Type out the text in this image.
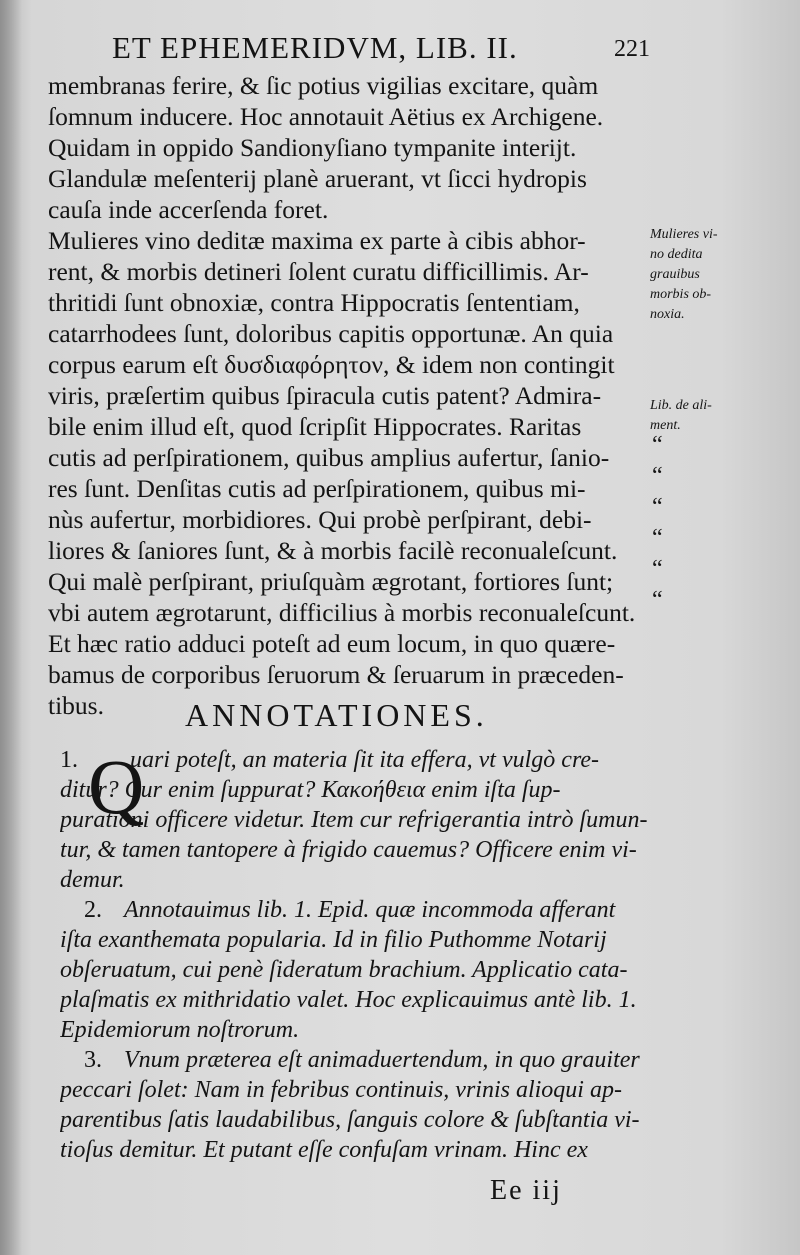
ET EPHEMERIDVM, LIB. II.	221
membranas ferire, & ſic potius vigilias excitare, quàm
ſomnum inducere. Hoc annotauit Aëtius ex Archigene.
Quidam in oppido Sandionyſiano tympanite interijt.
Glandulæ meſenterij planè aruerant, vt ſicci hydropis
cauſa inde accerſenda foret.
Mulieres vino deditæ maxima ex parte à cibis abhor-
rent, & morbis detineri ſolent curatu difficillimis. Ar-
thritidi ſunt obnoxiæ, contra Hippocratis ſententiam,
catarrhodees ſunt, doloribus capitis opportunæ. An quia
corpus earum eſt δυσδιαφόρητον, & idem non contingit
viris, præſertim quibus ſpiracula cutis patent? Admira-
bile enim illud eſt, quod ſcripſit Hippocrates. Raritas
cutis ad perſpirationem, quibus amplius aufertur, ſanio-
res ſunt. Denſitas cutis ad perſpirationem, quibus mi-
nùs aufertur, morbidiores. Qui probè perſpirant, debi-
liores & ſaniores ſunt, & à morbis facilè reconualeſcunt.
Qui malè perſpirant, priuſquàm ægrotant, fortiores ſunt;
vbi autem ægrotarunt, difficilius à morbis reconualeſcunt.
Et hæc ratio adduci poteſt ad eum locum, in quo quære-
bamus de corporibus ſeruorum & ſeruarum in præceden-
tibus.
Mulieres vi-
no dedita
grauibus
morbis ob-
noxia.
Lib. de ali-
ment.
“
“
“
“
“
“
ANNOTATIONES.
Q
1. uari poteſt, an materia ſit ita efferа, vt vulgò cre-
ditur? Cur enim ſuppurat? Κακοήθεια enim iſta ſup-
purationi officere videtur. Item cur refrigerantia intrò ſumun-
tur, & tamen tantopere à frigido cauemus? Officere enim vi-
demur.
2. Annotauimus lib. 1. Epid. quæ incommoda afferant
iſta exanthemata popularia. Id in filio Puthomme Notarij
obſeruatum, cui penè ſideratum brachium. Applicatio cata-
plaſmatis ex mithridatio valet. Hoc explicauimus antè lib. 1.
Epidemiorum noſtrorum.
3. Vnum præterea eſt animaduertendum, in quo grauiter
peccari ſolet: Nam in febribus continuis, vrinis alioqui ap-
parentibus ſatis laudabilibus, ſanguis colore & ſubſtantia vi-
tioſus demitur. Et putant eſſe confuſam vrinam. Hinc ex
Ee iij
